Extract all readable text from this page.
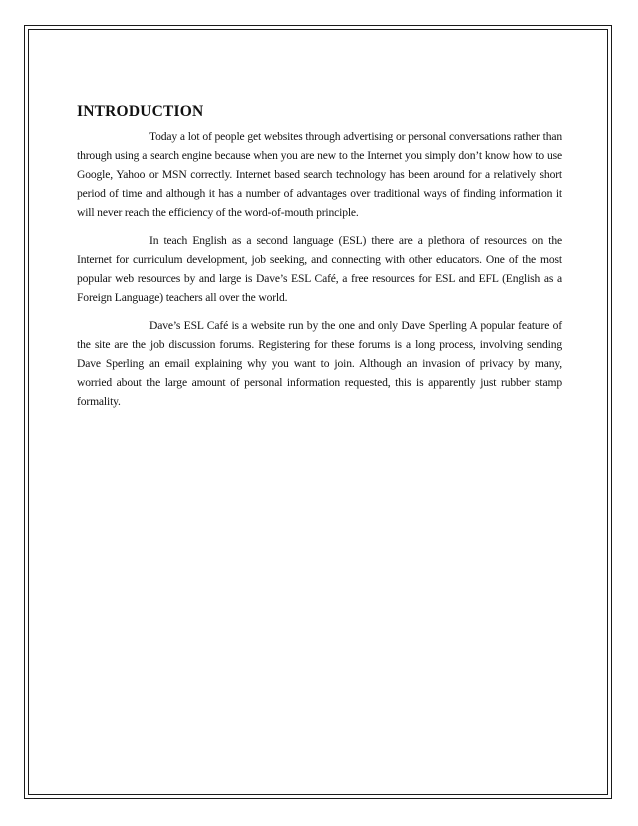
INTRODUCTION

Today a lot of people get websites through advertising or personal conversations rather than through using a search engine because when you are new to the Internet you simply don’t know how to use Google, Yahoo or MSN correctly. Internet based search technology has been around for a relatively short period of time and although it has a number of advantages over traditional ways of finding information it will never reach the efficiency of the word-of-mouth principle.

In teach English as a second language (ESL) there are a plethora of resources on the Internet for curriculum development, job seeking, and connecting with other educators. One of the most popular web resources by and large is Dave’s ESL Café, a free resources for ESL and EFL (English as a Foreign Language) teachers all over the world.

Dave’s ESL Café is a website run by the one and only Dave Sperling A popular feature of the site are the job discussion forums. Registering for these forums is a long process, involving sending Dave Sperling an email explaining why you want to join. Although an invasion of privacy by many, worried about the large amount of personal information requested, this is apparently just rubber stamp formality.
